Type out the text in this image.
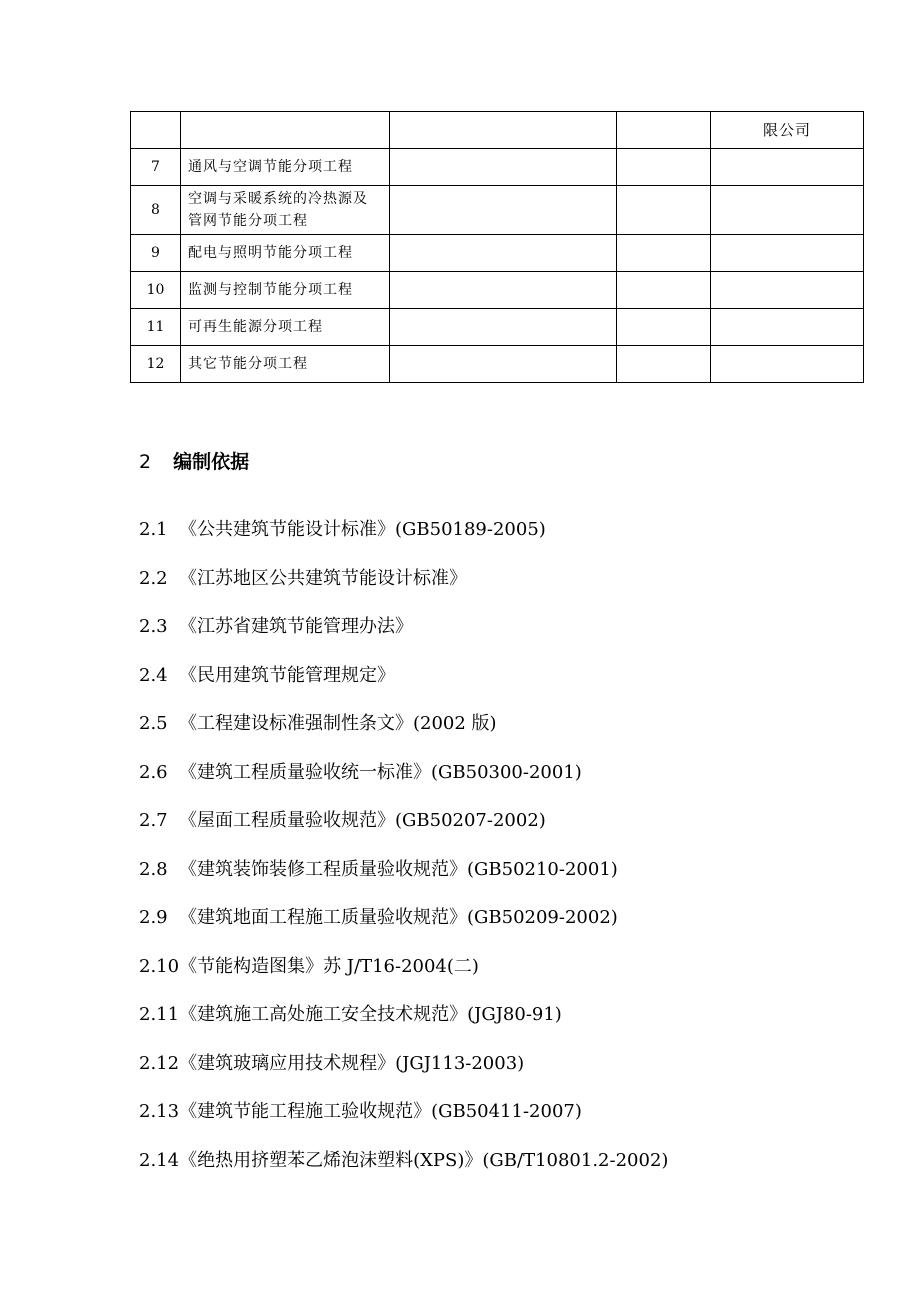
				限公司
7	通风与空调节能分项工程			
8	空调与采暖系统的冷热源及管网节能分项工程			
9	配电与照明节能分项工程			
10	监测与控制节能分项工程			
11	可再生能源分项工程			
12	其它节能分项工程			
2 编制依据
2.1 《公共建筑节能设计标准》(GB50189-2005)
2.2 《江苏地区公共建筑节能设计标准》
2.3 《江苏省建筑节能管理办法》
2.4 《民用建筑节能管理规定》
2.5 《工程建设标准强制性条文》(2002 版)
2.6 《建筑工程质量验收统一标准》(GB50300-2001)
2.7 《屋面工程质量验收规范》(GB50207-2002)
2.8 《建筑装饰装修工程质量验收规范》(GB50210-2001)
2.9 《建筑地面工程施工质量验收规范》(GB50209-2002)
2.10《节能构造图集》苏 J/T16-2004(二)
2.11《建筑施工高处施工安全技术规范》(JGJ80-91)
2.12《建筑玻璃应用技术规程》(JGJ113-2003)
2.13《建筑节能工程施工验收规范》(GB50411-2007)
2.14《绝热用挤塑苯乙烯泡沫塑料(XPS)》(GB/T10801.2-2002)
